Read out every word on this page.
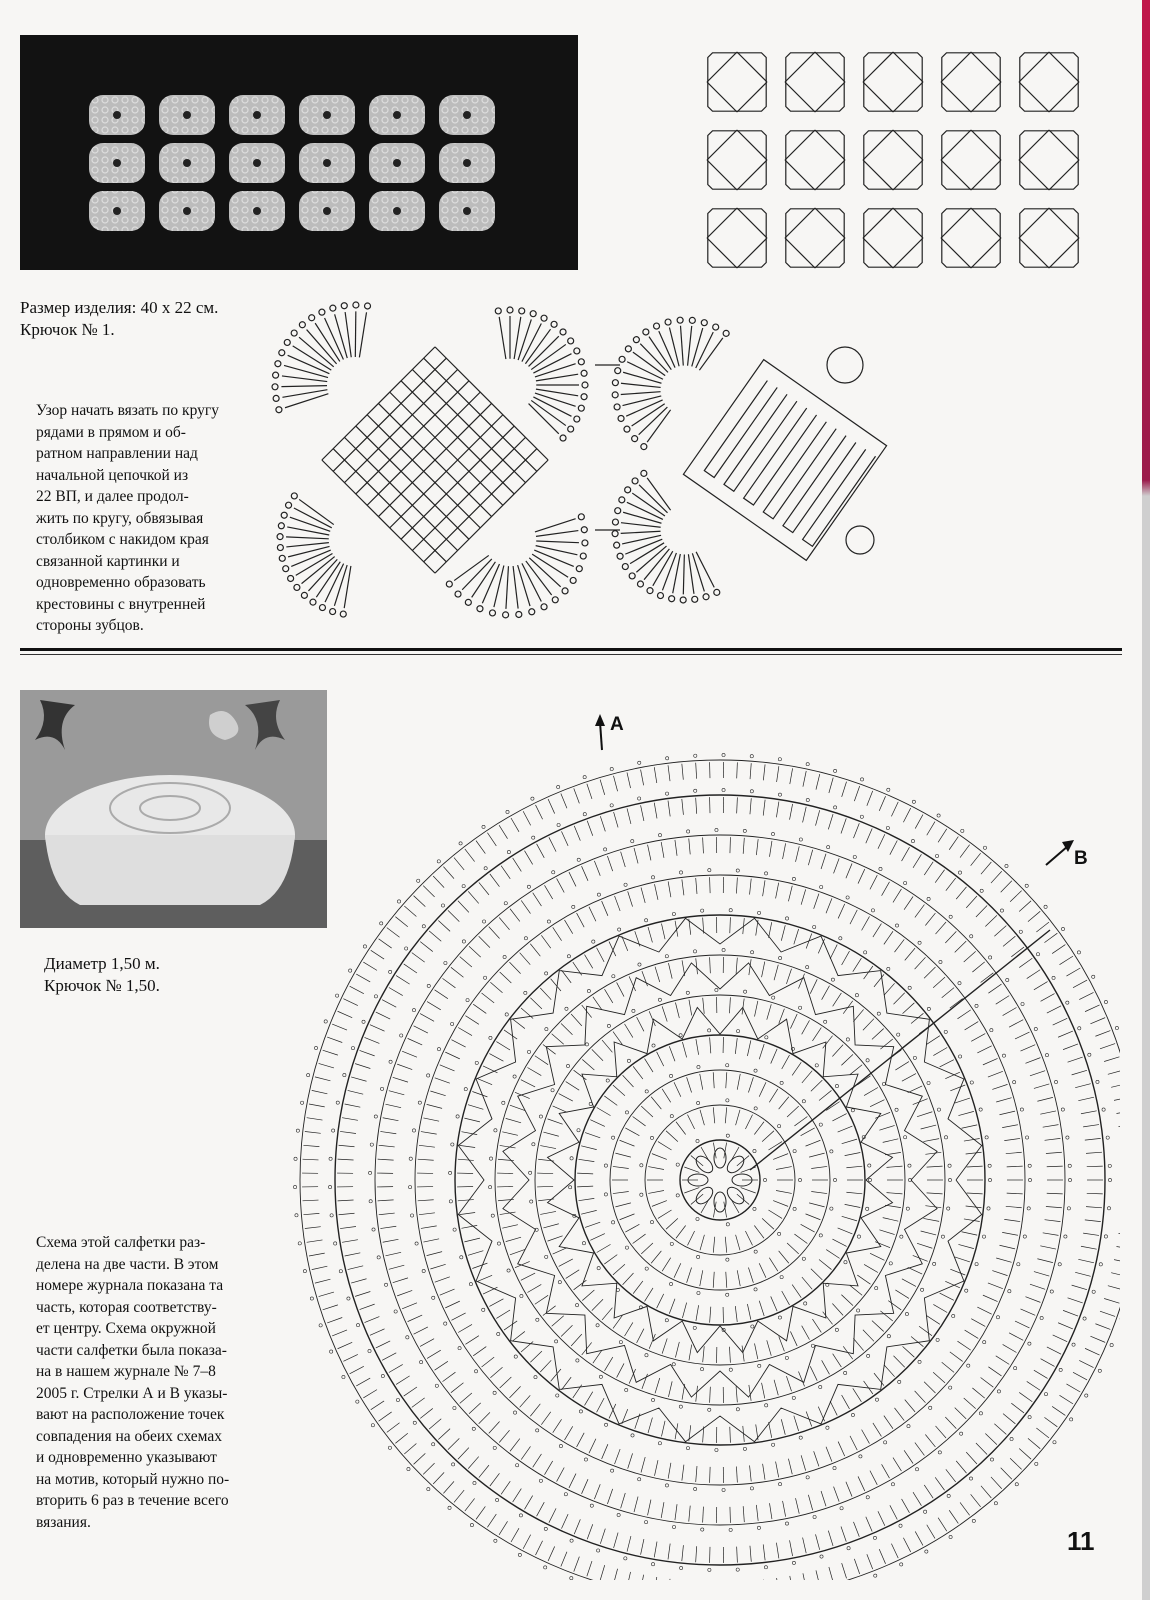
Размер изделия: 40 х 22 см.
Крючок № 1.
Узор начать вязать по кругу
рядами в прямом и об-
ратном направлении над
начальной цепочкой из
22 ВП, и далее продол-
жить по кругу, обвязывая
столбиком с накидом края
связанной картинки и
одновременно образовать
крестовины с внутренней
стороны зубцов.
Диаметр 1,50 м.
Крючок № 1,50.
Схема этой салфетки раз-
делена на две части. В этом
номере журнала показана та
часть, которая соответству-
ет центру. Схема окружной
части салфетки была показа-
на в нашем журнале № 7–8
2005 г. Стрелки А и В указы-
вают на расположение точек
совпадения на обеих схемах
и одновременно указывают
на мотив, который нужно по-
вторить 6 раз в течение всего
вязания.
А
В
11
